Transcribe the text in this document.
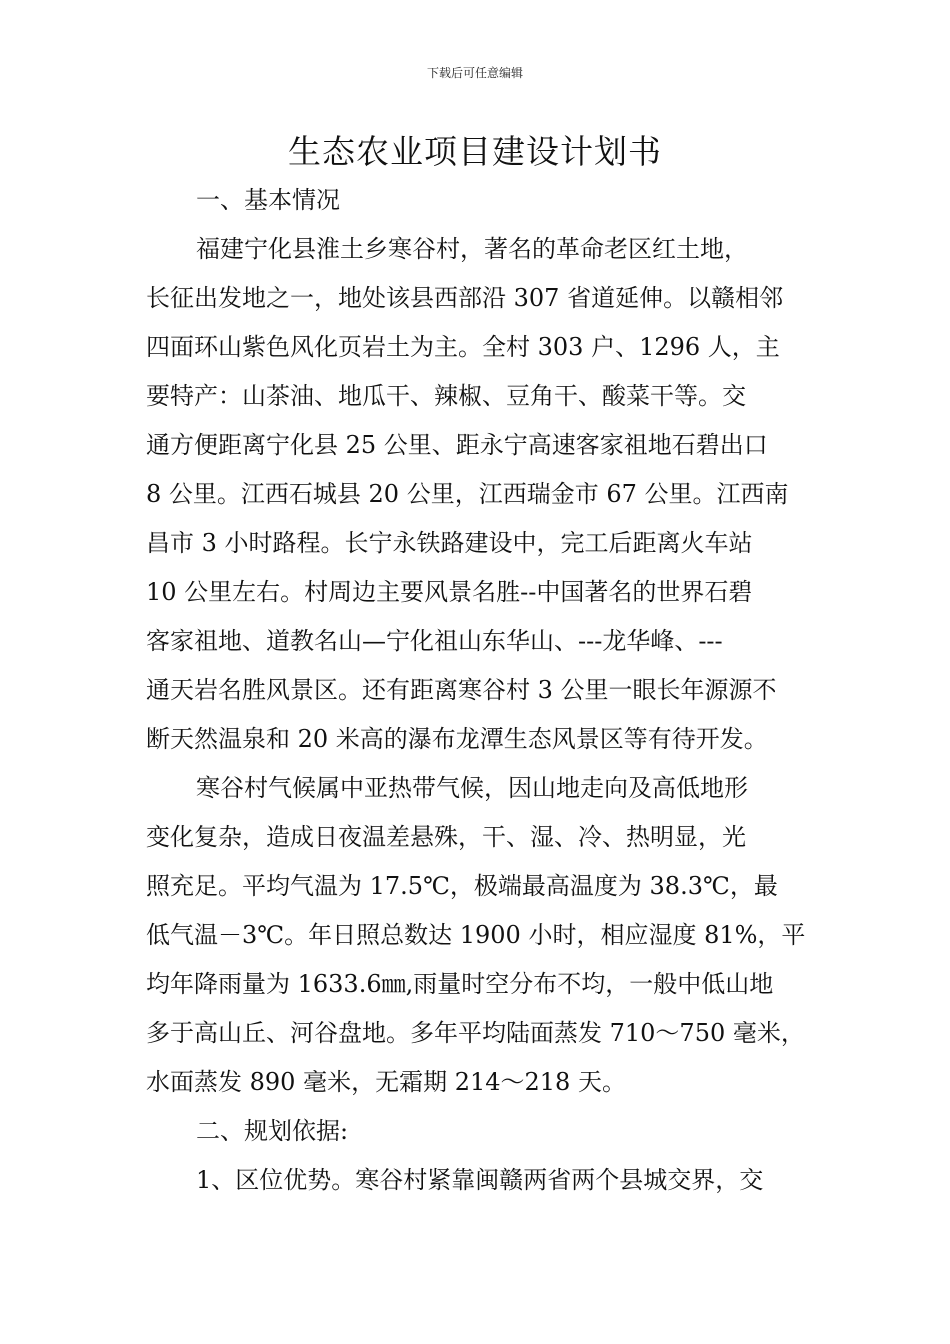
下载后可任意编辑
生态农业项目建设计划书
一、基本情况
福建宁化县淮土乡寒谷村，著名的革命老区红土地，
长征出发地之一，地处该县西部沿 307 省道延伸。以赣相邻
四面环山紫色风化页岩土为主。全村 303 户、1296 人，主
要特产：山茶油、地瓜干、辣椒、豆角干、酸菜干等。交
通方便距离宁化县 25 公里、距永宁高速客家祖地石碧出口
8 公里。江西石城县 20 公里，江西瑞金市 67 公里。江西南
昌市 3 小时路程。长宁永铁路建设中，完工后距离火车站
10 公里左右。村周边主要风景名胜--中国著名的世界石碧
客家祖地、道教名山—宁化祖山东华山、---龙华峰、---
通天岩名胜风景区。还有距离寒谷村 3 公里一眼长年源源不
断天然温泉和 20 米高的瀑布龙潭生态风景区等有待开发。
寒谷村气候属中亚热带气候，因山地走向及高低地形
变化复杂，造成日夜温差悬殊，干、湿、冷、热明显，光
照充足。平均气温为 17.5℃，极端最高温度为 38.3℃，最
低气温－3℃。年日照总数达 1900 小时，相应湿度 81%，平
均年降雨量为 1633.6㎜,雨量时空分布不均，一般中低山地
多于高山丘、河谷盘地。多年平均陆面蒸发 710～750 毫米，
水面蒸发 890 毫米，无霜期 214～218 天。
二、规划依据:
1、区位优势。寒谷村紧靠闽赣两省两个县城交界，交
